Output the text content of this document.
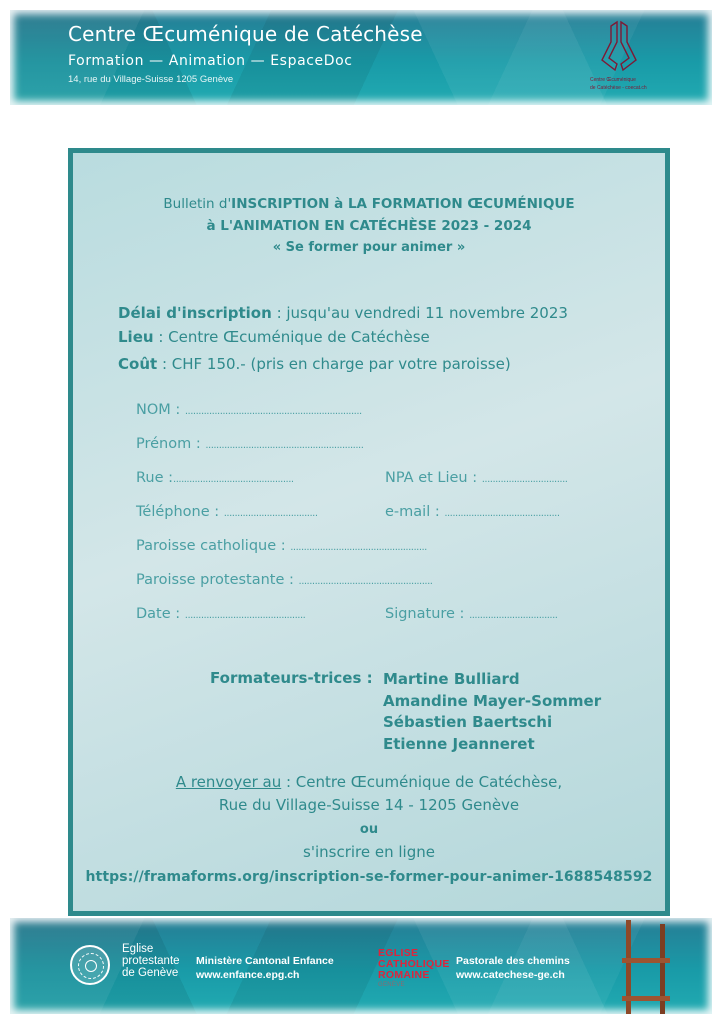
Centre Œcuménique de Catéchèse
Formation — Animation — EspaceDoc
14, rue du Village-Suisse 1205 Genève	Centre Œcuménique
de Catéchèse - coecat.ch
Bulletin d'INSCRIPTION à LA FORMATION ŒCUMÉNIQUE
à L'ANIMATION EN CATÉCHÈSE 2023 - 2024
« Se former pour animer »
Délai d'inscription : jusqu'au vendredi 11 novembre 2023
Lieu : Centre Œcuménique de Catéchèse
Coût : CHF 150.- (pris en charge par votre paroisse)
NOM : ..................................................................
Prénom : ...........................................................
Rue :.............................................	NPA et Lieu : ................................
Téléphone : ...................................	e-mail : ...........................................
Paroisse catholique : ...................................................
Paroisse protestante : ..................................................
Date : .............................................	Signature : .................................
Formateurs-trices : Martine Bulliard
Amandine Mayer-Sommer
Sébastien Baertschi
Etienne Jeanneret
A renvoyer au : Centre Œcuménique de Catéchèse,
Rue du Village-Suisse 14 - 1205 Genève
ou
s'inscrire en ligne
https://framaforms.org/inscription-se-former-pour-animer-1688548592
Eglise
protestante
de Genève
Ministère Cantonal Enfance
www.enfance.epg.ch
EGLISE
CATHOLIQUE
ROMAINE
GENÈVE
Pastorale des chemins
www.catechese-ge.ch
